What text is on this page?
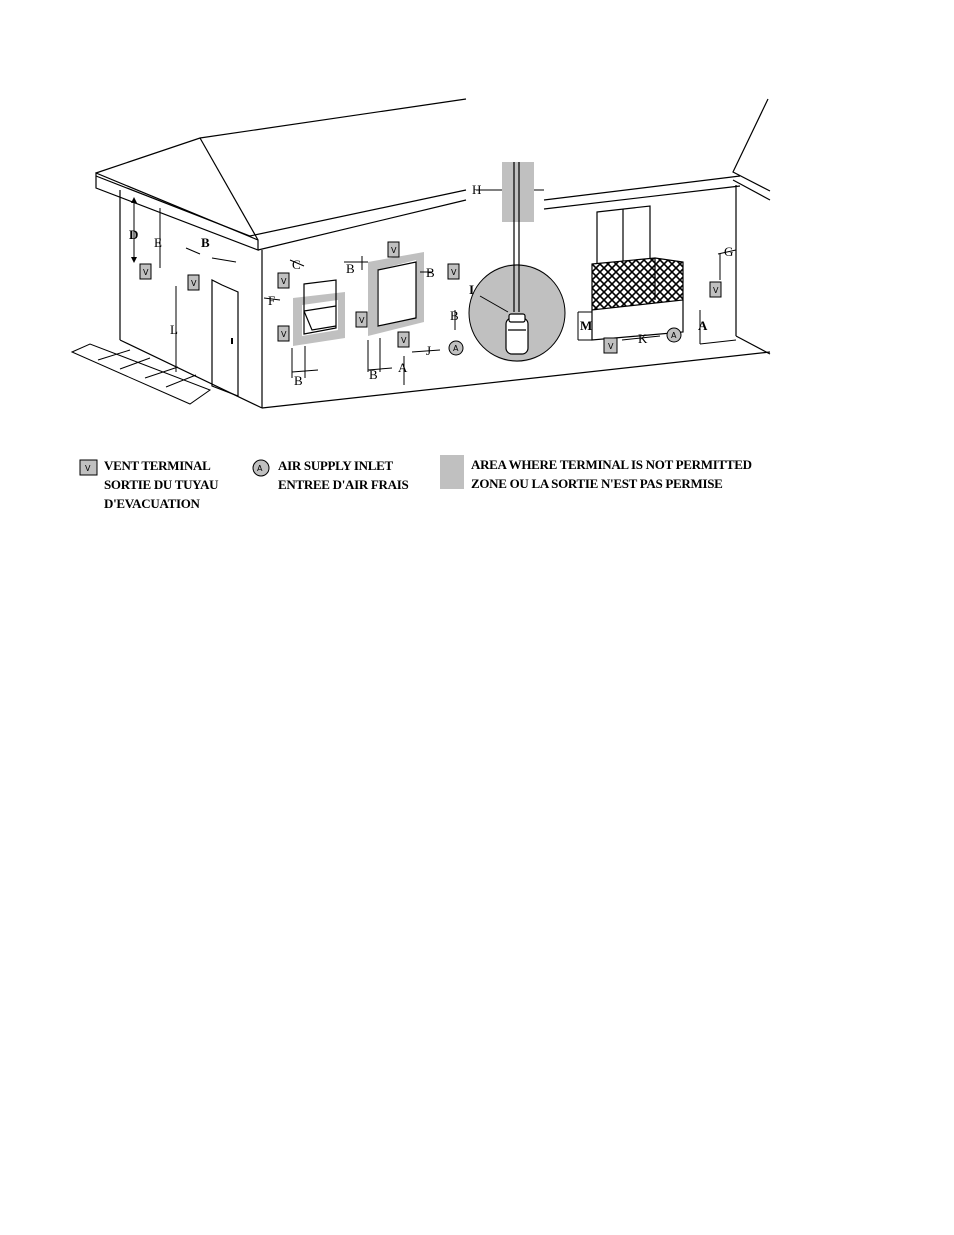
D
E	B
L
C
F
B
B	B
B
B A
J
H
I
M
K
A
G
V
V	V
V
V
V
V
V
V
V
A
A
V VENT TERMINAL
SORTIE DU TUYAU
D'EVACUATION
A AIR SUPPLY INLET
ENTREE D'AIR FRAIS
AREA WHERE TERMINAL IS NOT PERMITTED
ZONE OU LA SORTIE N'EST PAS PERMISE
